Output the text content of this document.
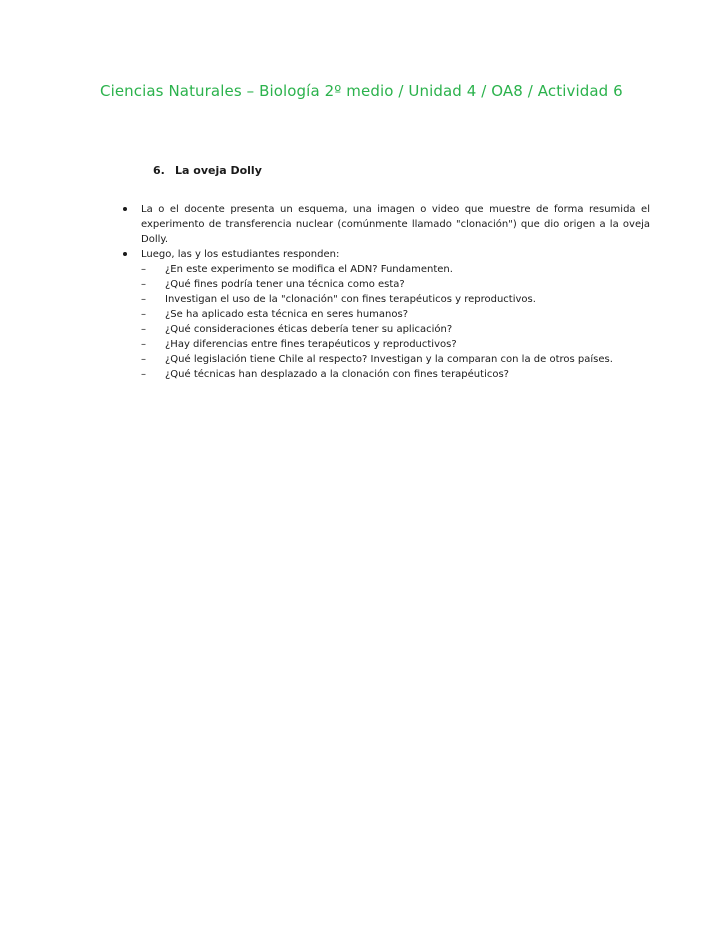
Ciencias Naturales – Biología 2º medio / Unidad 4 / OA8 / Actividad 6
6. La oveja Dolly
La o el docente presenta un esquema, una imagen o video que muestre de forma resumida el experimento de transferencia nuclear (comúnmente llamado "clonación") que dio origen a la oveja Dolly.
Luego, las y los estudiantes responden:
– ¿En este experimento se modifica el ADN? Fundamenten.
– ¿Qué fines podría tener una técnica como esta?
– Investigan el uso de la "clonación" con fines terapéuticos y reproductivos.
– ¿Se ha aplicado esta técnica en seres humanos?
– ¿Qué consideraciones éticas debería tener su aplicación?
– ¿Hay diferencias entre fines terapéuticos y reproductivos?
– ¿Qué legislación tiene Chile al respecto? Investigan y la comparan con la de otros países.
– ¿Qué técnicas han desplazado a la clonación con fines terapéuticos?
